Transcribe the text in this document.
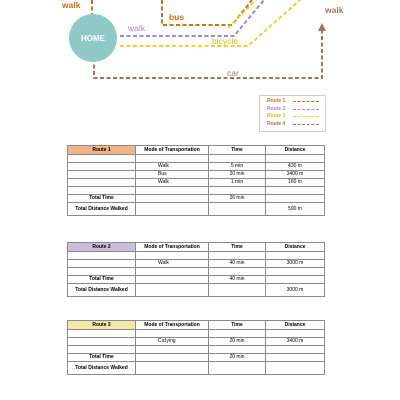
HOME
walk
bus
walk
walk
bicycle
car
Route 1
Route 2
Route 3
Route 4
Route 1	Mode of Transportation	Time	Distance

	Walk	5 min	430 m
	Bus	20 min	3400 m
	Walk	1 min	160 m

Total Time		26 min	
Total Distance Walked			590 m
Route 2	Mode of Transportation	Time	Distance

	Walk	40 min	3000 m

Total Time		40 min	
Total Distance Walked			3000 m
Route 3	Mode of Transportation	Time	Distance

	Ciclying	20 min	3400 m

Total Time		20 min	
Total Distance Walked			
